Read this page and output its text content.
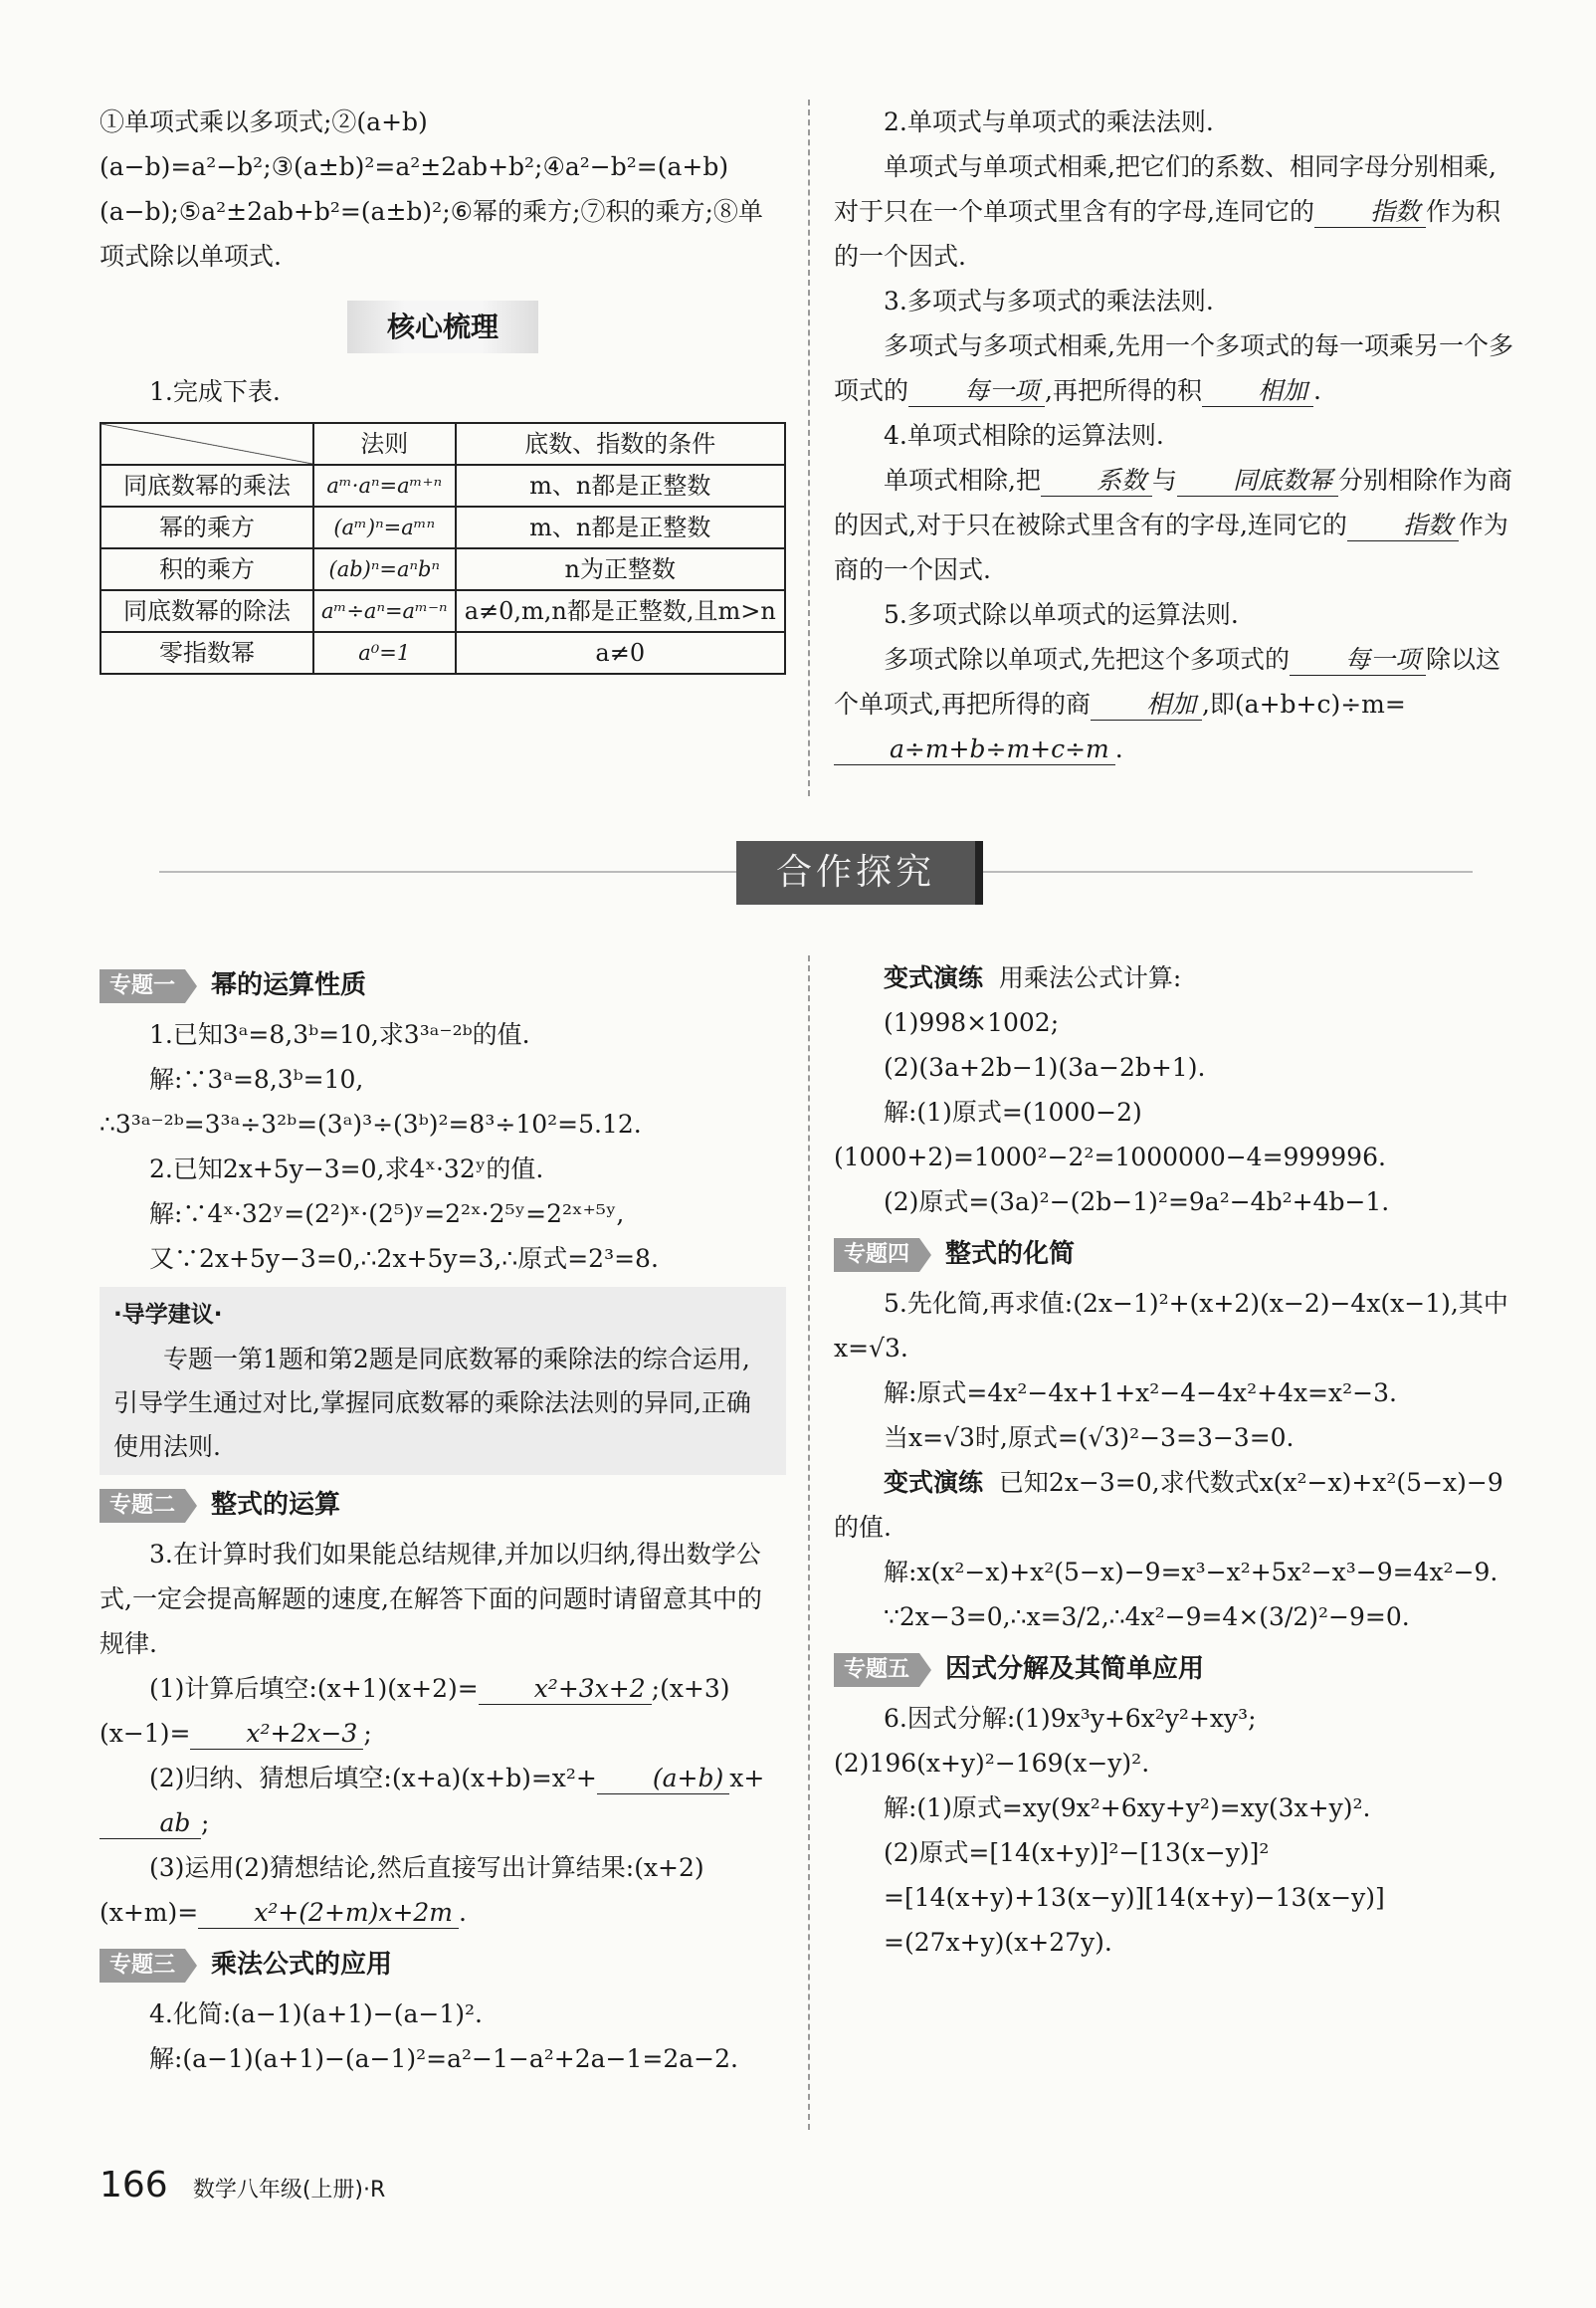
①单项式乘以多项式;②(a+b)(a−b)=a²−b²;③(a±b)²=a²±2ab+b²;④a²−b²=(a+b)(a−b);⑤a²±2ab+b²=(a±b)²;⑥幂的乘方;⑦积的乘方;⑧单项式除以单项式.

核心梳理

1.完成下表.

	法则	底数、指数的条件
同底数幂的乘法	aᵐ·aⁿ=aᵐ⁺ⁿ	m、n都是正整数
幂的乘方	(aᵐ)ⁿ=aᵐⁿ	m、n都是正整数
积的乘方	(ab)ⁿ=aⁿbⁿ	n为正整数
同底数幂的除法	aᵐ÷aⁿ=aᵐ⁻ⁿ	a≠0,m,n都是正整数,且m>n
零指数幂	a⁰=1	a≠0

2.单项式与单项式的乘法法则.

单项式与单项式相乘,把它们的系数、相同字母分别相乘,对于只在一个单项式里含有的字母,连同它的 指数 作为积的一个因式.

3.多项式与多项式的乘法法则.

多项式与多项式相乘,先用一个多项式的每一项乘另一个多项式的 每一项 ,再把所得的积 相加 .

4.单项式相除的运算法则.

单项式相除,把 系数 与 同底数幂 分别相除作为商的因式,对于只在被除式里含有的字母,连同它的 指数 作为商的一个因式.

5.多项式除以单项式的运算法则.

多项式除以单项式,先把这个多项式的 每一项 除以这个单项式,再把所得的商 相加 ,即(a+b+c)÷m=a÷m+b÷m+c÷m .

合作探究
专题一	幂的运算性质

1.已知3ᵃ=8,3ᵇ=10,求3³ᵃ⁻²ᵇ的值.

解:∵3ᵃ=8,3ᵇ=10,

∴3³ᵃ⁻²ᵇ=3³ᵃ÷3²ᵇ=(3ᵃ)³÷(3ᵇ)²=8³÷10²=5.12.

2.已知2x+5y−3=0,求4ˣ·32ʸ的值.

解:∵4ˣ·32ʸ=(2²)ˣ·(2⁵)ʸ=2²ˣ·2⁵ʸ=2²ˣ⁺⁵ʸ,

又∵2x+5y−3=0,∴2x+5y=3,∴原式=2³=8.

·导学建议·

专题一第1题和第2题是同底数幂的乘除法的综合运用,引导学生通过对比,掌握同底数幂的乘除法法则的异同,正确使用法则.

专题二	整式的运算

3.在计算时我们如果能总结规律,并加以归纳,得出数学公式,一定会提高解题的速度,在解答下面的问题时请留意其中的规律.

(1)计算后填空:(x+1)(x+2)= x²+3x+2 ;(x+3)(x−1)= x²+2x−3 ;

(2)归纳、猜想后填空:(x+a)(x+b)=x²+ (a+b) x+ab ;

(3)运用(2)猜想结论,然后直接写出计算结果:(x+2)(x+m)= x²+(2+m)x+2m .

专题三	乘法公式的应用

4.化简:(a−1)(a+1)−(a−1)².

解:(a−1)(a+1)−(a−1)²=a²−1−a²+2a−1=2a−2.

变式演练 用乘法公式计算:

(1)998×1002;

(2)(3a+2b−1)(3a−2b+1).

解:(1)原式=(1000−2)(1000+2)=1000²−2²=1000000−4=999996.

(2)原式=(3a)²−(2b−1)²=9a²−4b²+4b−1.

专题四	整式的化简

5.先化简,再求值:(2x−1)²+(x+2)(x−2)−4x(x−1),其中x=√3.

解:原式=4x²−4x+1+x²−4−4x²+4x=x²−3.

当x=√3时,原式=(√3)²−3=3−3=0.

变式演练 已知2x−3=0,求代数式x(x²−x)+x²(5−x)−9的值.

解:x(x²−x)+x²(5−x)−9=x³−x²+5x²−x³−9=4x²−9.

∵2x−3=0,∴x=3/2,∴4x²−9=4×(3/2)²−9=0.

专题五	因式分解及其简单应用

6.因式分解:(1)9x³y+6x²y²+xy³;(2)196(x+y)²−169(x−y)².

解:(1)原式=xy(9x²+6xy+y²)=xy(3x+y)².

(2)原式=[14(x+y)]²−[13(x−y)]²

=[14(x+y)+13(x−y)][14(x+y)−13(x−y)]

=(27x+y)(x+27y).

166 数学八年级(上册)·R
